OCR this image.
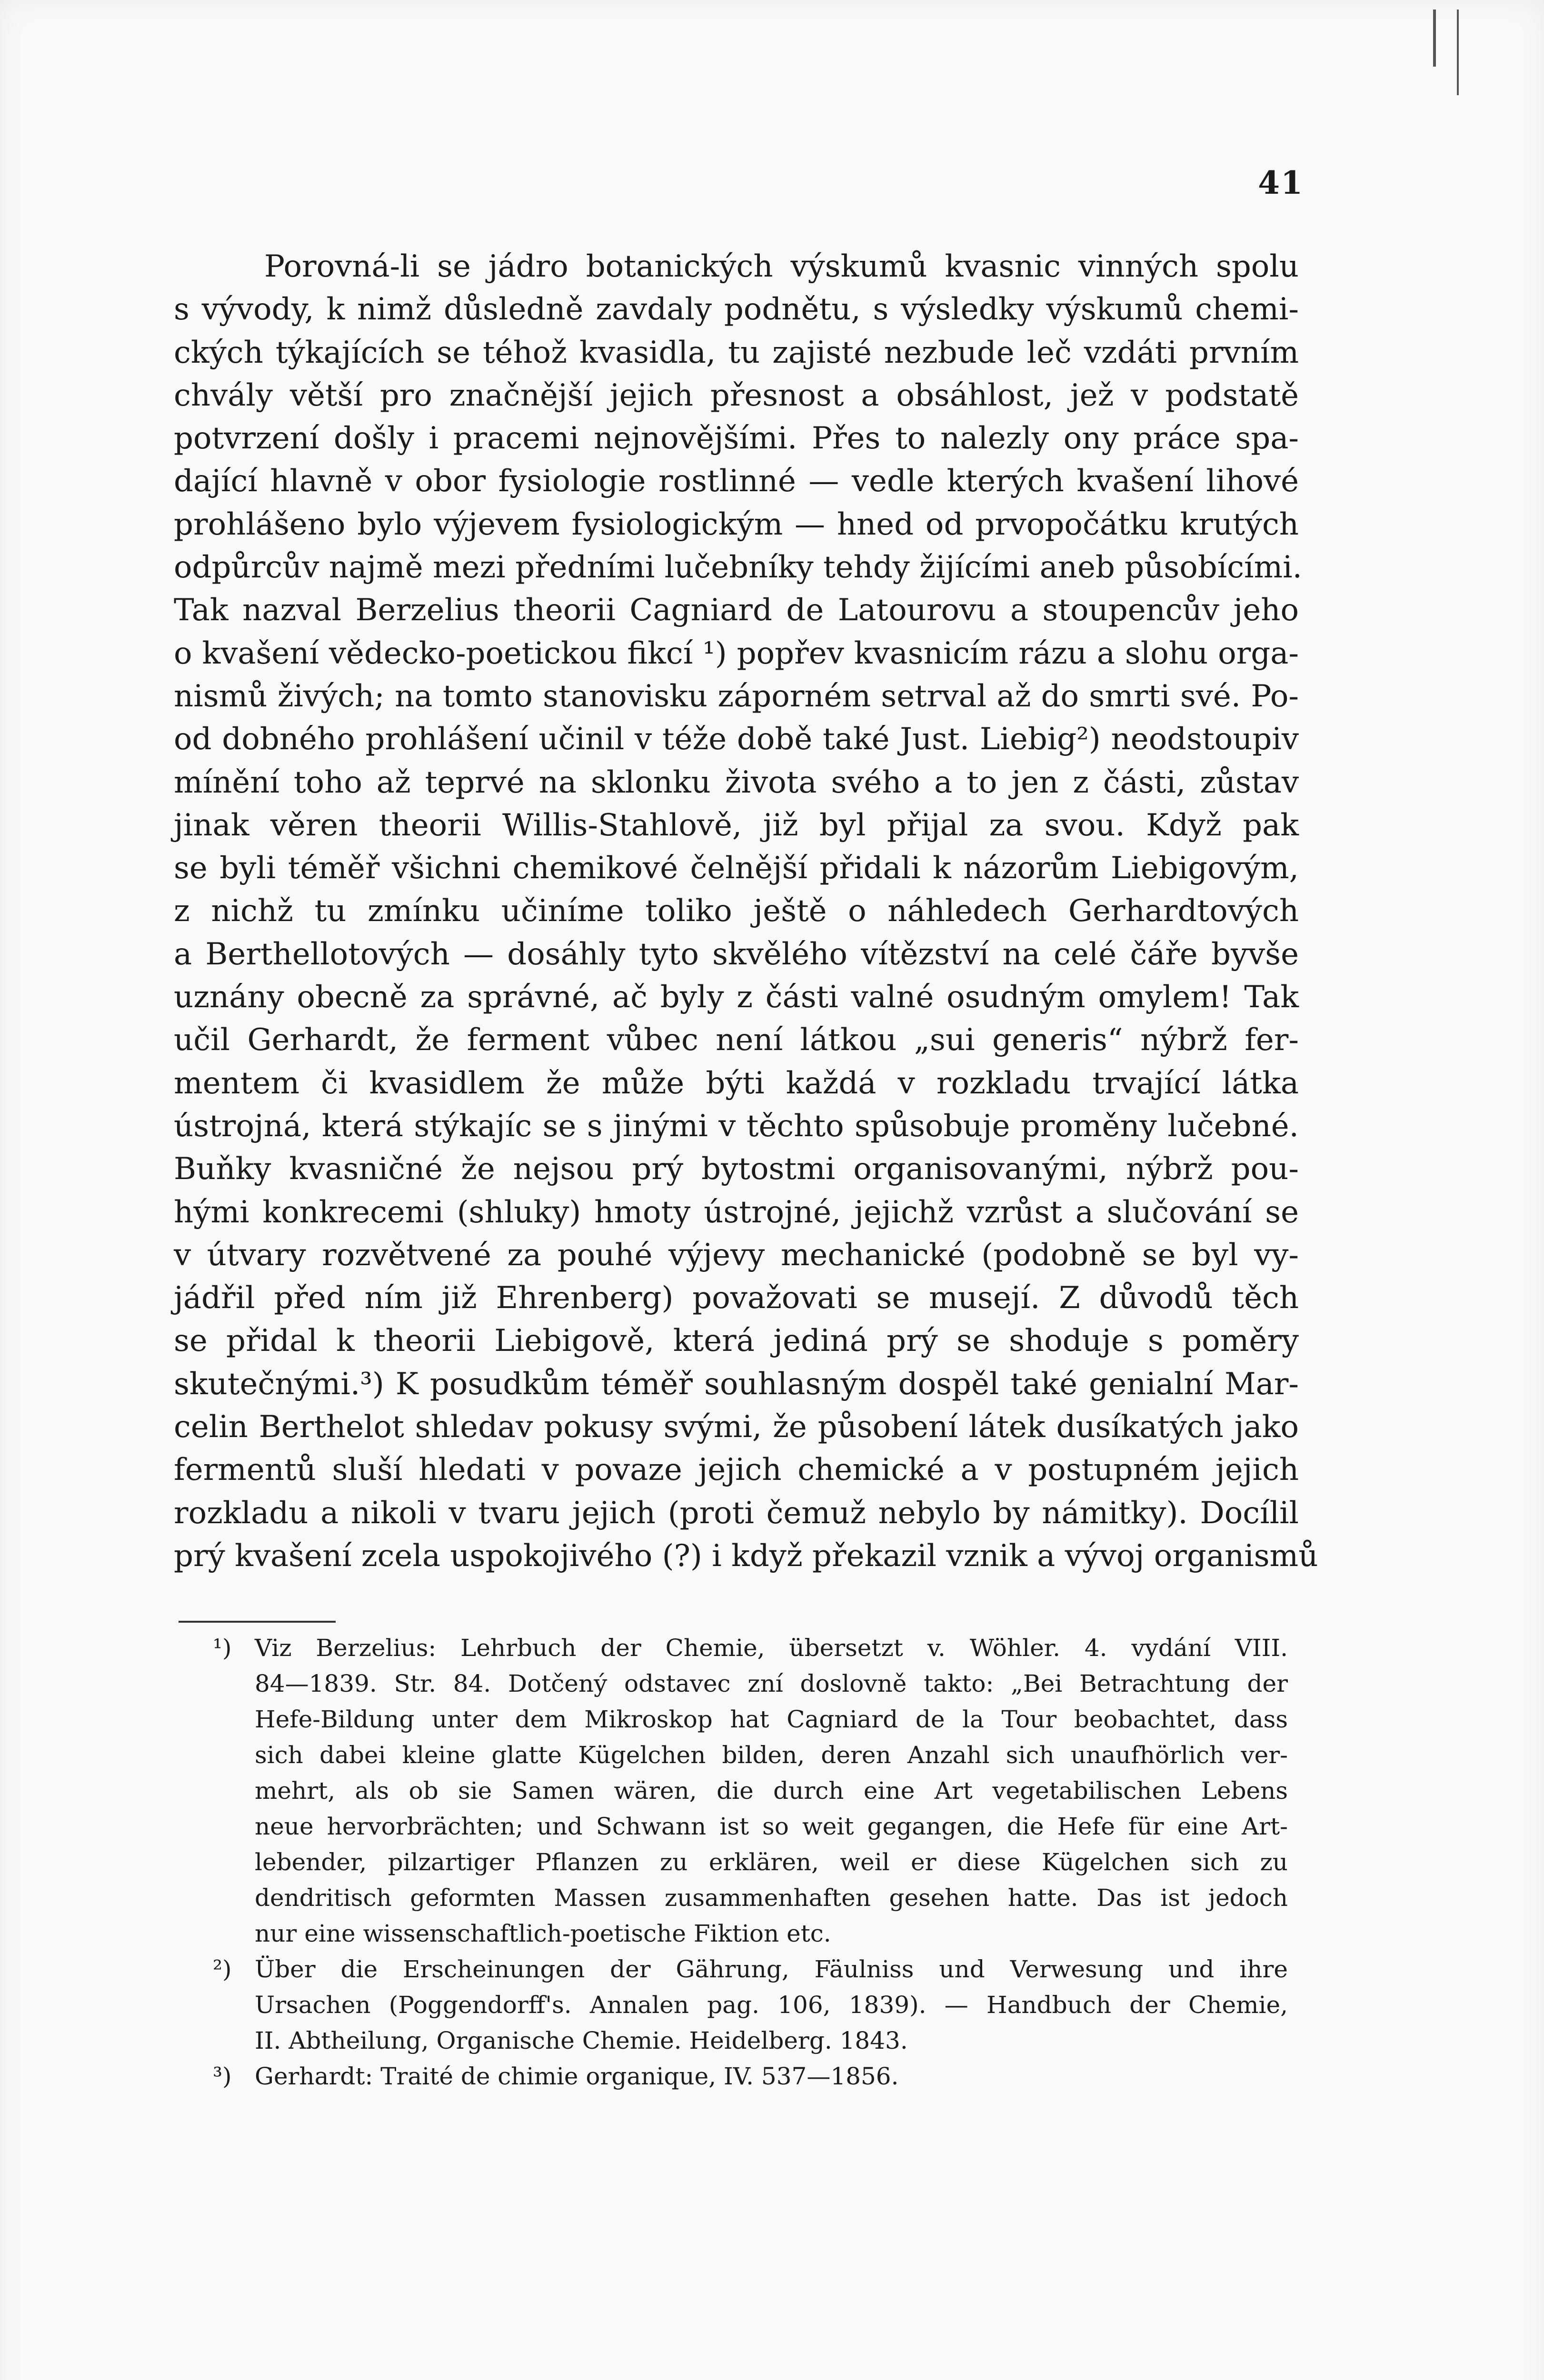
41
Porovná-li se jádro botanických výskumů kvasnic vinných spolu
s vývody, k nimž důsledně zavdaly podnětu, s výsledky výskumů chemi-
ckých týkajících se téhož kvasidla, tu zajisté nezbude leč vzdáti prvním
chvály větší pro značnější jejich přesnost a obsáhlost, jež v podstatě
potvrzení došly i pracemi nejnovějšími. Přes to nalezly ony práce spa-
dající hlavně v obor fysiologie rostlinné — vedle kterých kvašení lihové
prohlášeno bylo výjevem fysiologickým — hned od prvopočátku krutých
odpůrcův najmě mezi předními lučebníky tehdy žijícími aneb působícími.
Tak nazval Berzelius theorii Cagniard de Latourovu a stoupencův jeho
o kvašení vědecko-poetickou fikcí ¹) popřev kvasnicím rázu a slohu orga-
nismů živých; na tomto stanovisku záporném setrval až do smrti své. Po-
od dobného prohlášení učinil v téže době také Just. Liebig²) neodstoupiv
mínění toho až teprvé na sklonku života svého a to jen z části, zůstav
jinak věren theorii Willis-Stahlově, již byl přijal za svou. Když pak
se byli téměř všichni chemikové čelnější přidali k názorům Liebigovým,
z nichž tu zmínku učiníme toliko ještě o náhledech Gerhardtových
a Berthellotových — dosáhly tyto skvělého vítězství na celé čáře byvše
uznány obecně za správné, ač byly z části valné osudným omylem! Tak
učil Gerhardt, že ferment vůbec není látkou „sui generis“ nýbrž fer-
mentem či kvasidlem že může býti každá v rozkladu trvající látka
ústrojná, která stýkajíc se s jinými v těchto spůsobuje proměny lučebné.
Buňky kvasničné že nejsou prý bytostmi organisovanými, nýbrž pou-
hými konkrecemi (shluky) hmoty ústrojné, jejichž vzrůst a slučování se
v útvary rozvětvené za pouhé výjevy mechanické (podobně se byl vy-
jádřil před ním již Ehrenberg) považovati se musejí. Z důvodů těch
se přidal k theorii Liebigově, která jediná prý se shoduje s poměry
skutečnými.³) K posudkům téměř souhlasným dospěl také genialní Mar-
celin Berthelot shledav pokusy svými, že působení látek dusíkatých jako
fermentů sluší hledati v povaze jejich chemické a v postupném jejich
rozkladu a nikoli v tvaru jejich (proti čemuž nebylo by námitky). Docílil
prý kvašení zcela uspokojivého (?) i když překazil vznik a vývoj organismů
¹) Viz Berzelius: Lehrbuch der Chemie, übersetzt v. Wöhler. 4. vydání VIII.
84—1839. Str. 84. Dotčený odstavec zní doslovně takto: „Bei Betrachtung der
Hefe-Bildung unter dem Mikroskop hat Cagniard de la Tour beobachtet, dass
sich dabei kleine glatte Kügelchen bilden, deren Anzahl sich unaufhörlich ver-
mehrt, als ob sie Samen wären, die durch eine Art vegetabilischen Lebens
neue hervorbrächten; und Schwann ist so weit gegangen, die Hefe für eine Art-
lebender, pilzartiger Pflanzen zu erklären, weil er diese Kügelchen sich zu
dendritisch geformten Massen zusammenhaften gesehen hatte. Das ist jedoch
nur eine wissenschaftlich-poetische Fiktion etc.
²) Über die Erscheinungen der Gährung, Fäulniss und Verwesung und ihre
Ursachen (Poggendorff's. Annalen pag. 106, 1839). — Handbuch der Chemie,
II. Abtheilung, Organische Chemie. Heidelberg. 1843.
³) Gerhardt: Traité de chimie organique, IV. 537—1856.
